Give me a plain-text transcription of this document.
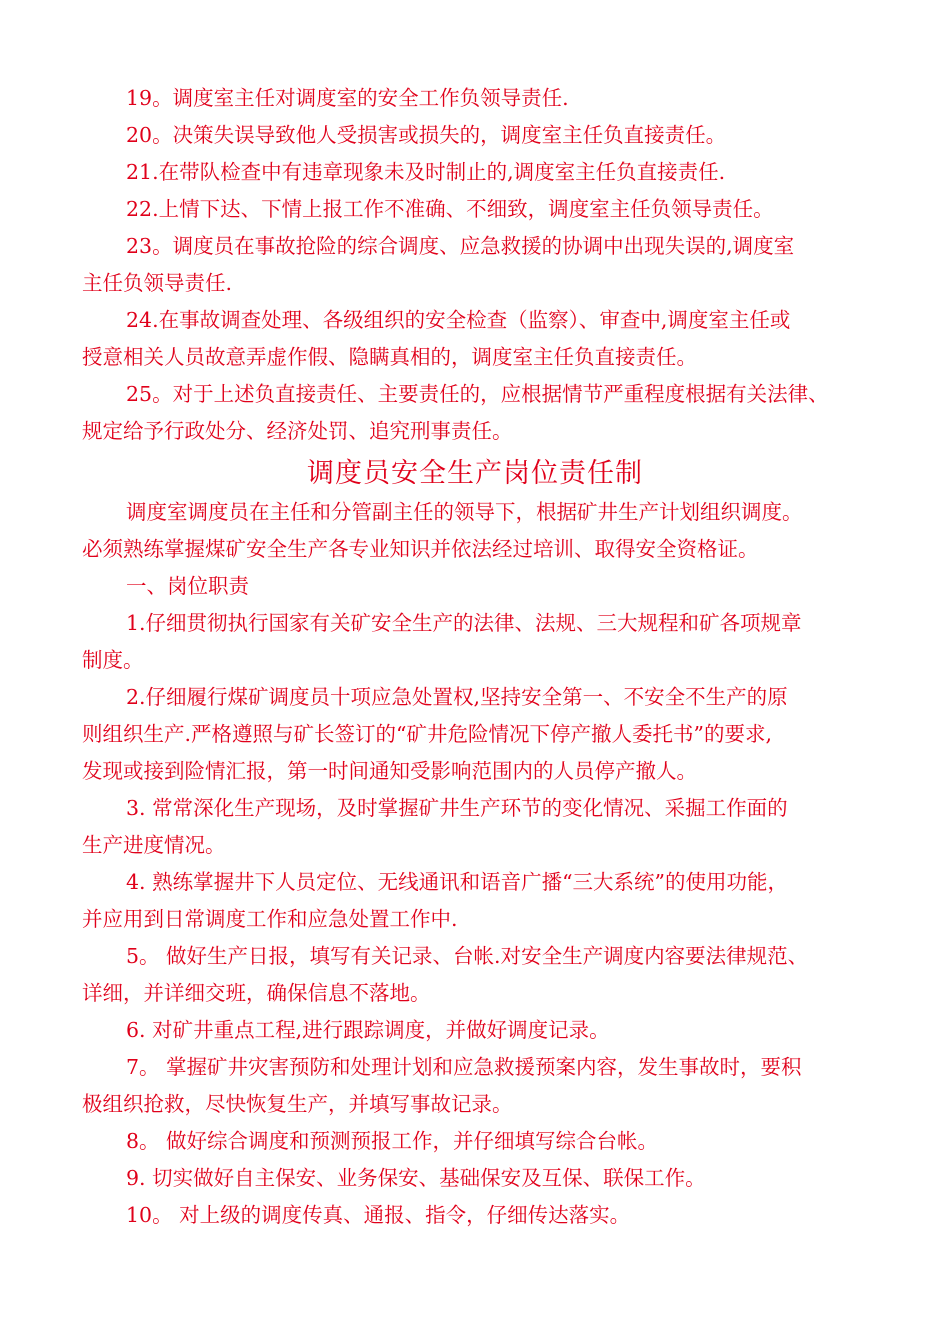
19。调度室主任对调度室的安全工作负领导责任.
20。决策失误导致他人受损害或损失的，调度室主任负直接责任。
21.在带队检查中有违章现象未及时制止的,调度室主任负直接责任.
22.上情下达、下情上报工作不准确、不细致，调度室主任负领导责任。
23。调度员在事故抢险的综合调度、应急救援的协调中出现失误的,调度室
主任负领导责任.
24.在事故调查处理、各级组织的安全检查（监察）、审查中,调度室主任或
授意相关人员故意弄虚作假、隐瞒真相的，调度室主任负直接责任。
25。对于上述负直接责任、主要责任的，应根据情节严重程度根据有关法律、
规定给予行政处分、经济处罚、追究刑事责任。
调度员安全生产岗位责任制
调度室调度员在主任和分管副主任的领导下，根据矿井生产计划组织调度。
必须熟练掌握煤矿安全生产各专业知识并依法经过培训、取得安全资格证。
一、岗位职责
1.仔细贯彻执行国家有关矿安全生产的法律、法规、三大规程和矿各项规章
制度。
2.仔细履行煤矿调度员十项应急处置权,坚持安全第一、不安全不生产的原
则组织生产.严格遵照与矿长签订的“矿井危险情况下停产撤人委托书”的要求,
发现或接到险情汇报，第一时间通知受影响范围内的人员停产撤人。
3. 常常深化生产现场，及时掌握矿井生产环节的变化情况、采掘工作面的
生产进度情况。
4. 熟练掌握井下人员定位、无线通讯和语音广播“三大系统”的使用功能，
并应用到日常调度工作和应急处置工作中.
5。 做好生产日报，填写有关记录、台帐.对安全生产调度内容要法律规范、
详细，并详细交班，确保信息不落地。
6. 对矿井重点工程,进行跟踪调度，并做好调度记录。
7。 掌握矿井灾害预防和处理计划和应急救援预案内容，发生事故时，要积
极组织抢救，尽快恢复生产，并填写事故记录。
8。 做好综合调度和预测预报工作，并仔细填写综合台帐。
9. 切实做好自主保安、业务保安、基础保安及互保、联保工作。
10。 对上级的调度传真、通报、指令，仔细传达落实。
